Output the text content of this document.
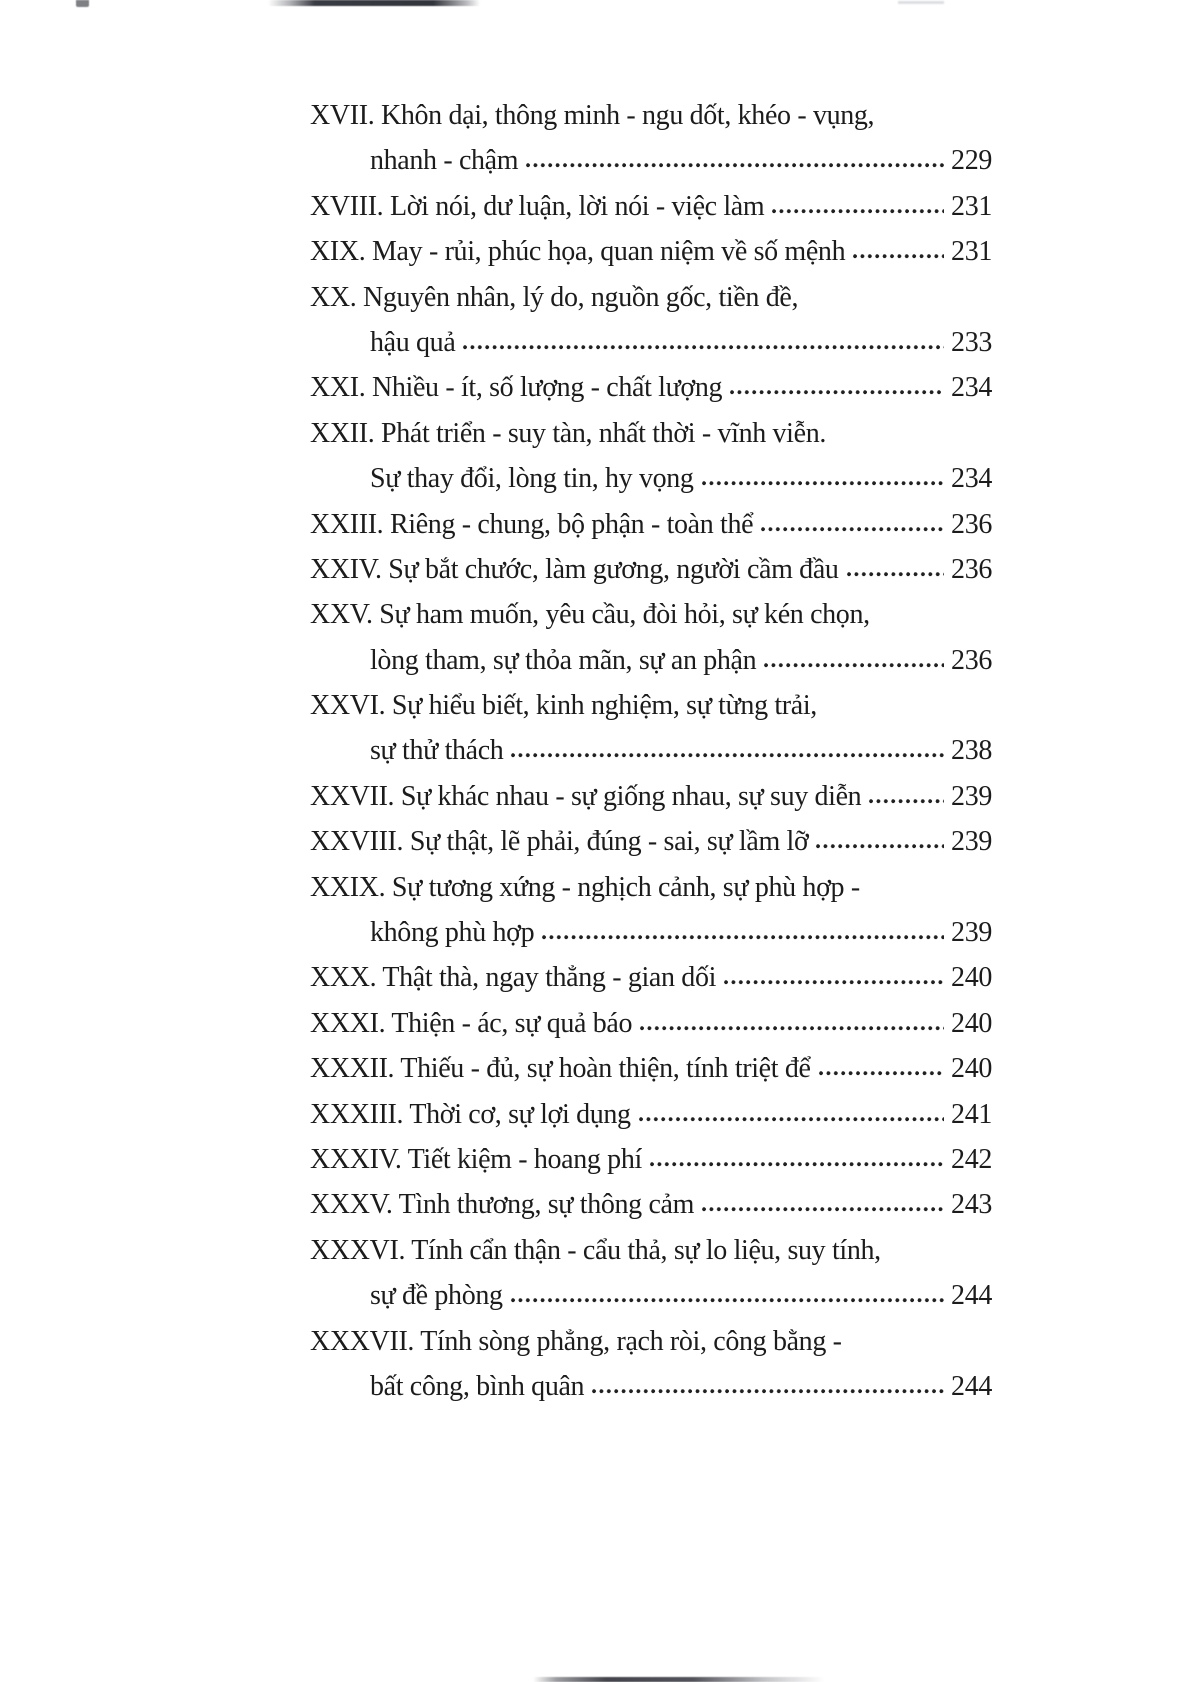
XVII. Khôn dại, thông minh - ngu dốt, khéo - vụng,
nhanh - chậm	229
XVIII. Lời nói, dư luận, lời nói - việc làm	231
XIX. May - rủi, phúc họa, quan niệm về số mệnh	231
XX. Nguyên nhân, lý do, nguồn gốc, tiền đề,
hậu quả	233
XXI. Nhiều - ít, số lượng - chất lượng	234
XXII. Phát triển - suy tàn, nhất thời - vĩnh viễn.
Sự thay đổi, lòng tin, hy vọng	234
XXIII. Riêng - chung, bộ phận - toàn thể	236
XXIV. Sự bắt chước, làm gương, người cầm đầu	236
XXV. Sự ham muốn, yêu cầu, đòi hỏi, sự kén chọn,
lòng tham, sự thỏa mãn, sự an phận	236
XXVI. Sự hiểu biết, kinh nghiệm, sự từng trải,
sự thử thách	238
XXVII. Sự khác nhau - sự giống nhau, sự suy diễn	239
XXVIII. Sự thật, lẽ phải, đúng - sai, sự lầm lỡ	239
XXIX. Sự tương xứng - nghịch cảnh, sự phù hợp -
không phù hợp	239
XXX. Thật thà, ngay thẳng - gian dối	240
XXXI. Thiện - ác, sự quả báo	240
XXXII. Thiếu - đủ, sự hoàn thiện, tính triệt để	240
XXXIII. Thời cơ, sự lợi dụng	241
XXXIV. Tiết kiệm - hoang phí	242
XXXV. Tình thương, sự thông cảm	243
XXXVI. Tính cẩn thận - cẩu thả, sự lo liệu, suy tính,
sự đề phòng	244
XXXVII. Tính sòng phẳng, rạch ròi, công bằng -
bất công, bình quân	244
